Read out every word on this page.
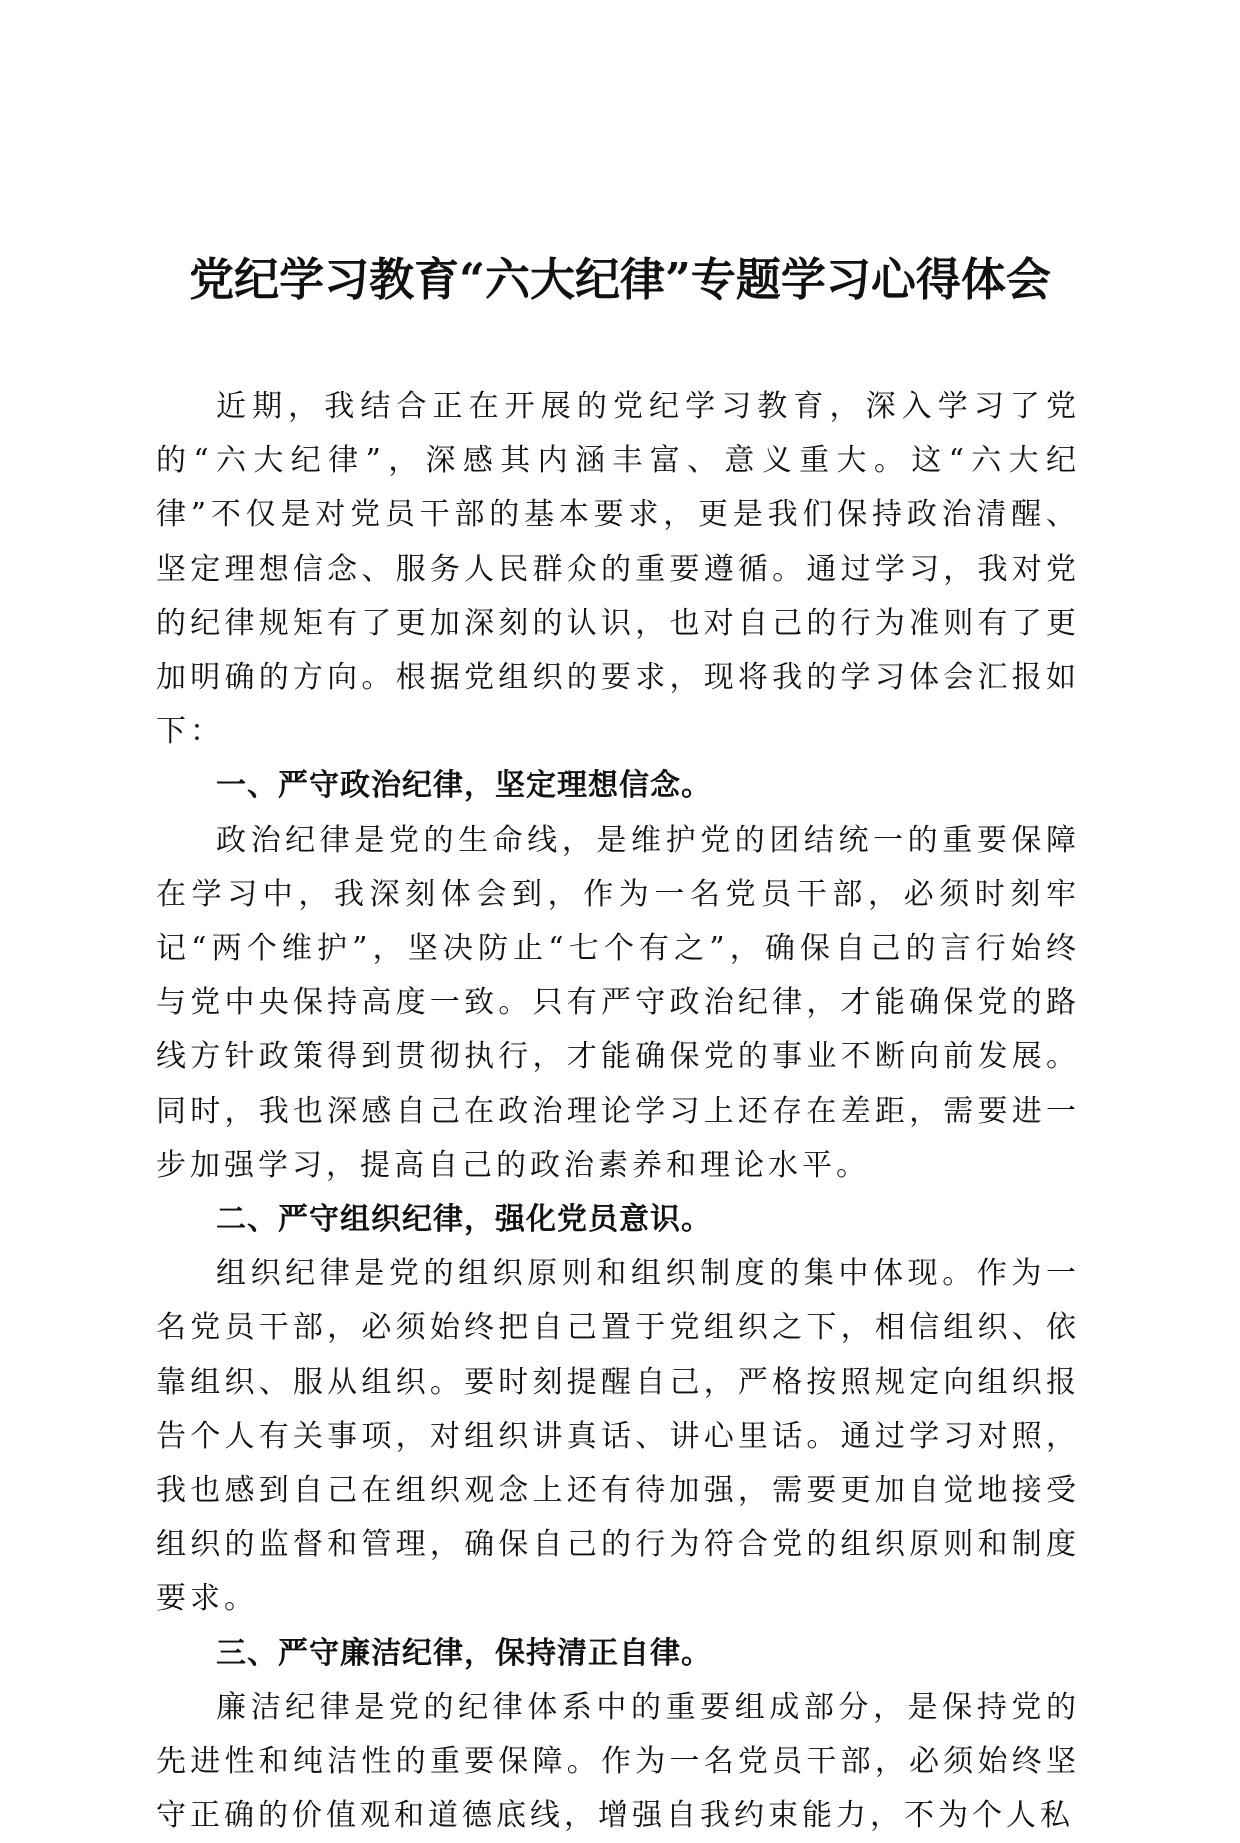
党纪学习教育“六大纪律”专题学习心得体会

近期，我结合正在开展的党纪学习教育，深入学习了党的“六大纪律”，深感其内涵丰富、意义重大。这“六大纪律”不仅是对党员干部的基本要求，更是我们保持政治清醒、坚定理想信念、服务人民群众的重要遵循。通过学习，我对党的纪律规矩有了更加深刻的认识，也对自己的行为准则有了更加明确的方向。根据党组织的要求，现将我的学习体会汇报如下：

一、严守政治纪律，坚定理想信念。

政治纪律是党的生命线，是维护党的团结统一的重要保障在学习中，我深刻体会到，作为一名党员干部，必须时刻牢记“两个维护”，坚决防止“七个有之”，确保自己的言行始终与党中央保持高度一致。只有严守政治纪律，才能确保党的路线方针政策得到贯彻执行，才能确保党的事业不断向前发展。同时，我也深感自己在政治理论学习上还存在差距，需要进一步加强学习，提高自己的政治素养和理论水平。

二、严守组织纪律，强化党员意识。

组织纪律是党的组织原则和组织制度的集中体现。作为一名党员干部，必须始终把自己置于党组织之下，相信组织、依靠组织、服从组织。要时刻提醒自己，严格按照规定向组织报告个人有关事项，对组织讲真话、讲心里话。通过学习对照，我也感到自己在组织观念上还有待加强，需要更加自觉地接受组织的监督和管理，确保自己的行为符合党的组织原则和制度要求。

三、严守廉洁纪律，保持清正自律。

廉洁纪律是党的纪律体系中的重要组成部分，是保持党的先进性和纯洁性的重要保障。作为一名党员干部，必须始终坚守正确的价值观和道德底线，增强自我约束能力，不为个人私
